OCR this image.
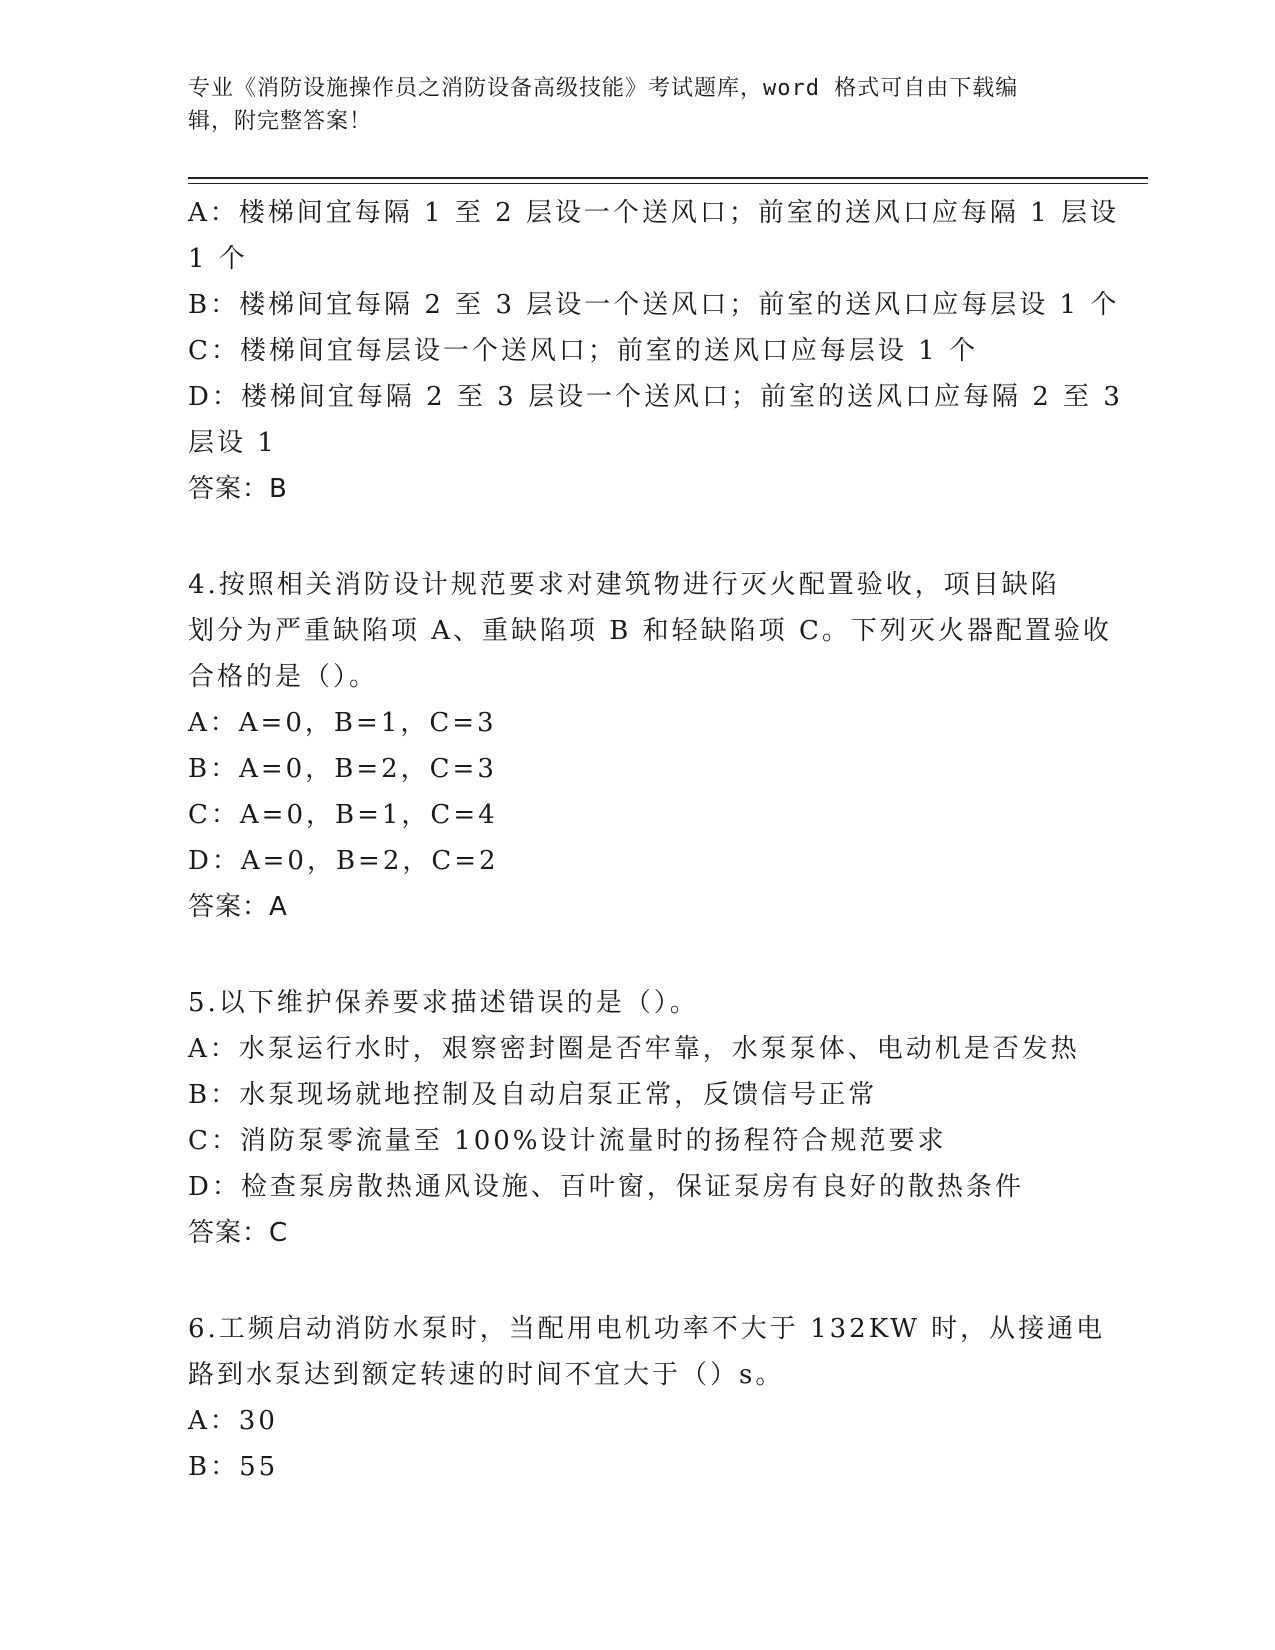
专业《消防设施操作员之消防设备高级技能》考试题库，word 格式可自由下载编
辑，附完整答案！
A：楼梯间宜每隔 1 至 2 层设一个送风口；前室的送风口应每隔 1 层设
1 个
B：楼梯间宜每隔 2 至 3 层设一个送风口；前室的送风口应每层设 1 个
C：楼梯间宜每层设一个送风口；前室的送风口应每层设 1 个
D：楼梯间宜每隔 2 至 3 层设一个送风口；前室的送风口应每隔 2 至 3
层设 1
答案：B
4.按照相关消防设计规范要求对建筑物进行灭火配置验收，项目缺陷
划分为严重缺陷项 A、重缺陷项 B 和轻缺陷项 C。下列灭火器配置验收
合格的是（）。
A：A=0，B=1，C=3
B：A=0，B=2，C=3
C：A=0，B=1，C=4
D：A=0，B=2，C=2
答案：A
5.以下维护保养要求描述错误的是（）。
A：水泵运行水时，艰察密封圈是否牢靠，水泵泵体、电动机是否发热
B：水泵现场就地控制及自动启泵正常，反馈信号正常
C：消防泵零流量至 100%设计流量时的扬程符合规范要求
D：检查泵房散热通风设施、百叶窗，保证泵房有良好的散热条件
答案：C
6.工频启动消防水泵时，当配用电机功率不大于 132KW 时，从接通电
路到水泵达到额定转速的时间不宜大于（）s。
A：30
B：55
